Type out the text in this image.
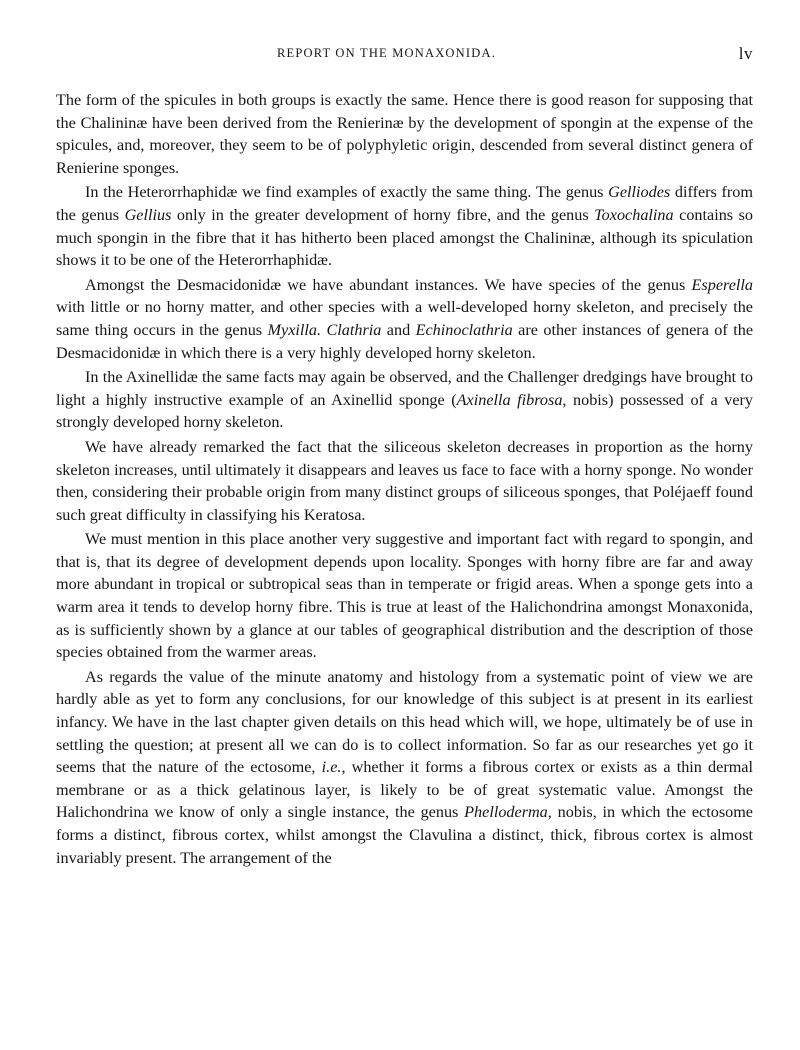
REPORT ON THE MONAXONIDA.	lv

The form of the spicules in both groups is exactly the same. Hence there is good reason for supposing that the Chalininæ have been derived from the Renierinæ by the development of spongin at the expense of the spicules, and, moreover, they seem to be of polyphyletic origin, descended from several distinct genera of Renierine sponges.

In the Heterorrhaphidæ we find examples of exactly the same thing. The genus Gelliodes differs from the genus Gellius only in the greater development of horny fibre, and the genus Toxochalina contains so much spongin in the fibre that it has hitherto been placed amongst the Chalininæ, although its spiculation shows it to be one of the Heterorrhaphidæ.

Amongst the Desmacidonidæ we have abundant instances. We have species of the genus Esperella with little or no horny matter, and other species with a well-developed horny skeleton, and precisely the same thing occurs in the genus Myxilla. Clathria and Echinoclathria are other instances of genera of the Desmacidonidæ in which there is a very highly developed horny skeleton.

In the Axinellidæ the same facts may again be observed, and the Challenger dredgings have brought to light a highly instructive example of an Axinellid sponge (Axinella fibrosa, nobis) possessed of a very strongly developed horny skeleton.

We have already remarked the fact that the siliceous skeleton decreases in proportion as the horny skeleton increases, until ultimately it disappears and leaves us face to face with a horny sponge. No wonder then, considering their probable origin from many distinct groups of siliceous sponges, that Poléjaeff found such great difficulty in classifying his Keratosa.

We must mention in this place another very suggestive and important fact with regard to spongin, and that is, that its degree of development depends upon locality. Sponges with horny fibre are far and away more abundant in tropical or subtropical seas than in temperate or frigid areas. When a sponge gets into a warm area it tends to develop horny fibre. This is true at least of the Halichondrina amongst Monaxonida, as is sufficiently shown by a glance at our tables of geographical distribution and the description of those species obtained from the warmer areas.

As regards the value of the minute anatomy and histology from a systematic point of view we are hardly able as yet to form any conclusions, for our knowledge of this subject is at present in its earliest infancy. We have in the last chapter given details on this head which will, we hope, ultimately be of use in settling the question; at present all we can do is to collect information. So far as our researches yet go it seems that the nature of the ectosome, i.e., whether it forms a fibrous cortex or exists as a thin dermal membrane or as a thick gelatinous layer, is likely to be of great systematic value. Amongst the Halichondrina we know of only a single instance, the genus Phelloderma, nobis, in which the ectosome forms a distinct, fibrous cortex, whilst amongst the Clavulina a distinct, thick, fibrous cortex is almost invariably present. The arrangement of the
